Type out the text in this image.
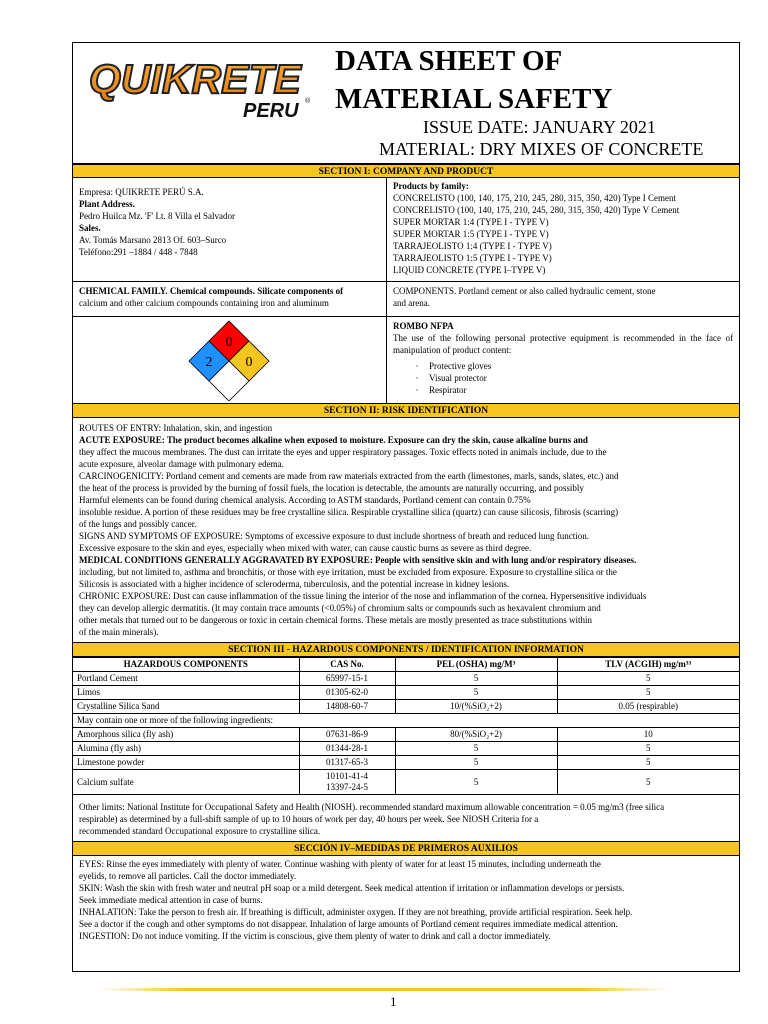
QUIKRETE
PERU ®
DATA SHEET OF
MATERIAL SAFETY
ISSUE DATE: JANUARY 2021
MATERIAL: DRY MIXES OF CONCRETE
SECTION I: COMPANY AND PRODUCT
Empresa: QUIKRETE PERÚ S.A.
Plant Address.
Pedro Huilca Mz. 'F' Lt. 8 Villa el Salvador
Sales.
Av. Tomás Marsano 2813 Of. 603–Surco
Teléfono:291 –1884 / 448 - 7848
Products by family:
CONCRELISTO (100, 140, 175, 210, 245, 280, 315, 350, 420) Type I Cement
CONCRELISTO (100, 140, 175, 210, 245, 280, 315, 350, 420) Type V Cement
SUPER MORTAR 1:4 (TYPE I - TYPE V)
SUPER MORTAR 1:5 (TYPE I - TYPE V)
TARRAJEOLISTO 1:4 (TYPE I - TYPE V)
TARRAJEOLISTO 1:5 (TYPE I - TYPE V)
LIQUID CONCRETE (TYPE I–TYPE V)
CHEMICAL FAMILY. Chemical compounds. Silicate components of
calcium and other calcium compounds containing iron and aluminum
COMPONENTS. Portland cement or also called hydraulic cement, stone
and arena.
0
2 0
ROMBO NFPA
The use of the following personal protective equipment is recommended in the face of manipulation of product content:
· Protective gloves
· Visual protector
· Respirator
SECTION II: RISK IDENTIFICATION
ROUTES OF ENTRY: Inhalation, skin, and ingestion
ACUTE EXPOSURE: The product becomes alkaline when exposed to moisture. Exposure can dry the skin, cause alkaline burns and
they affect the mucous membranes. The dust can irritate the eyes and upper respiratory passages. Toxic effects noted in animals include, due to the
acute exposure, alveolar damage with pulmonary edema.
CARCINOGENICITY: Portland cement and cements are made from raw materials extracted from the earth (limestones, marls, sands, slates, etc.) and
the heat of the process is provided by the burning of fossil fuels, the location is detectable, the amounts are naturally occurring, and possibly
Harmful elements can be found during chemical analysis. According to ASTM standards, Portland cement can contain 0.75%
insoluble residue. A portion of these residues may be free crystalline silica. Respirable crystalline silica (quartz) can cause silicosis, fibrosis (scarring)
of the lungs and possibly cancer.
SIGNS AND SYMPTOMS OF EXPOSURE: Symptoms of excessive exposure to dust include shortness of breath and reduced lung function.
Excessive exposure to the skin and eyes, especially when mixed with water, can cause caustic burns as severe as third degree.
MEDICAL CONDITIONS GENERALLY AGGRAVATED BY EXPOSURE: People with sensitive skin and with lung and/or respiratory diseases.
including, but not limited to, asthma and bronchitis, or those with eye irritation, must be excluded from exposure. Exposure to crystalline silica or the
Silicosis is associated with a higher incidence of scleroderma, tuberculosis, and the potential increase in kidney lesions.
CHRONIC EXPOSURE: Dust can cause inflammation of the tissue lining the interior of the nose and inflammation of the cornea. Hypersensitive individuals
they can develop allergic dermatitis. (It may contain trace amounts (<0.05%) of chromium salts or compounds such as hexavalent chromium and
other metals that turned out to be dangerous or toxic in certain chemical forms. These metals are mostly presented as trace substitutions within
of the main minerals).
SECTION III - HAZARDOUS COMPONENTS / IDENTIFICATION INFORMATION
HAZARDOUS COMPONENTS	CAS No.	PEL (OSHA) mg/M³	TLV (ACGIH) mg/m³³
Portland Cement	65997-15-1	5	5
Limos	01305-62-0	5	5
Crystalline Silica Sand	14808-60-7	10/(%SiO₂+2)	0.05 (respirable)
May contain one or more of the following ingredients:			
Amorphous silica (fly ash)	07631-86-9	80/(%SiO₂+2)	10
Alumina (fly ash)	01344-28-1	5	5
Limestone powder	01317-65-3	5	5
Calcium sulfate	10101-41-4
13397-24-5	5	5
Other limits: National Institute for Occupational Safety and Health (NIOSH). recommended standard maximum allowable concentration = 0.05 mg/m3 (free silica
respirable) as determined by a full-shift sample of up to 10 hours of work per day, 40 hours per week. See NIOSH Criteria for a
recommended standard Occupational exposure to crystalline silica.
SECCIÓN IV–MEDIDAS DE PRIMEROS AUXILIOS
EYES: Rinse the eyes immediately with plenty of water. Continue washing with plenty of water for at least 15 minutes, including underneath the
eyelids, to remove all particles. Call the doctor immediately.
SKIN: Wash the skin with fresh water and neutral pH soap or a mild detergent. Seek medical attention if irritation or inflammation develops or persists.
Seek immediate medical attention in case of burns.
INHALATION: Take the person to fresh air. If breathing is difficult, administer oxygen. If they are not breathing, provide artificial respiration. Seek help.
See a doctor if the cough and other symptoms do not disappear. Inhalation of large amounts of Portland cement requires immediate medical attention.
INGESTION: Do not induce vomiting. If the victim is conscious, give them plenty of water to drink and call a doctor immediately.
1
